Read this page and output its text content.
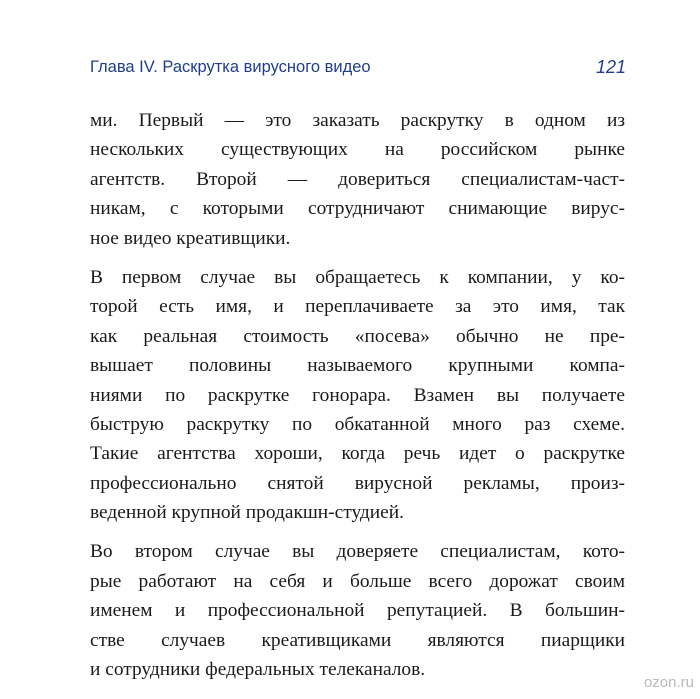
Глава IV. Раскрутка вирусного видео	121
ми. Первый — это заказать раскрутку в одном из
нескольких существующих на российском рынке
агентств. Второй — довериться специалистам-част-
никам, с которыми сотрудничают снимающие вирус-
ное видео креативщики.
В первом случае вы обращаетесь к компании, у ко-
торой есть имя, и переплачиваете за это имя, так
как реальная стоимость «посева» обычно не пре-
вышает половины называемого крупными компа-
ниями по раскрутке гонорара. Взамен вы получаете
быструю раскрутку по обкатанной много раз схеме.
Такие агентства хороши, когда речь идет о раскрутке
профессионально снятой вирусной рекламы, произ-
веденной крупной продакшн-студией.
Во втором случае вы доверяете специалистам, кото-
рые работают на себя и больше всего дорожат своим
именем и профессиональной репутацией. В большин-
стве случаев креативщиками являются пиарщики
и сотрудники федеральных телеканалов.
ozon.ru
